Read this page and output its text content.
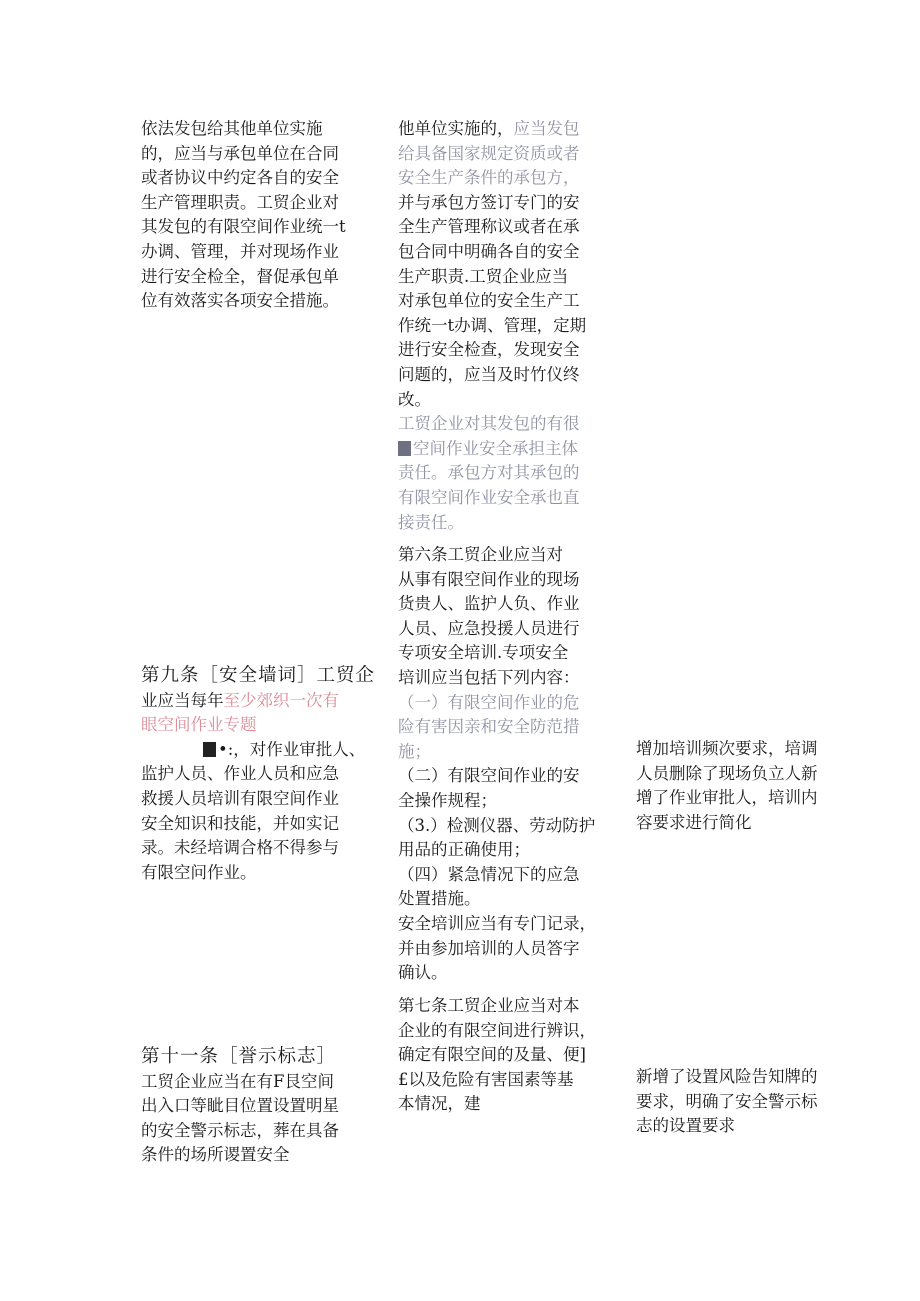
依法发包给其他单位实施
的，应当与承包单位在合同
或者协议中约定各自的安全
生产管理职责。工贸企业对
其发包的有限空间作业统一t
办调、管理，并对现场作业
进行安全检全，督促承包单
位有效落实各项安全措施。
第九条［安全墙词］工贸企
业应当每年至少郊织一次有
眼空间作业专题
•:，对作业审批人、
监护人员、作业人员和应急
救援人员培训有限空间作业
安全知识和技能，并如实记
录。未经培调合格不得参与
有限空问作业。
第十一条［誉示标志］
工贸企业应当在有F艮空间
出入口等眦目位置设置明星
的安全警示标志，葬在具备
条件的场所谡置安全
他单位实施的，应当发包
给具备国家规定资质或者
安全生产条件的承包方，
并与承包方签订专门的安
全生产管理称议或者在承
包合同中明确各自的安全
生产职责.工贸企业应当
对承包单位的安全生产工
作统一t办调、管理，定期
进行安全检查，发现安全
问题的，应当及时竹仪终
改。
工贸企业对其发包的有很
空间作业安全承担主体
责任。承包方对其承包的
有限空间作业安全承也直
接责任。
第六条工贸企业应当对
从事有限空间作业的现场
货贵人、监护人负、作业
人员、应急投援人员进行
专项安全培训.专项安全
培训应当包括下列内容：
（一）有限空间作业的危
险有害因亲和安全防范措
施；
（二）有限空间作业的安
全操作规程；
（3.）检测仪器、劳动防护
用品的正确使用；
（四）紧急情况下的应急
处置措施。
安全培训应当有专门记录，
并由参加培训的人员答字
确认。
第七条工贸企业应当对本
企业的有限空间进行辨识，
确定有限空间的及量、便]
£以及危险有害国素等基
本情况，建
增加培训频次要求，培调
人员删除了现场负立人新
增了作业审批人，培训内
容要求进行简化
新增了设置风险告知牌的
要求，明确了安全警示标
志的设置要求
